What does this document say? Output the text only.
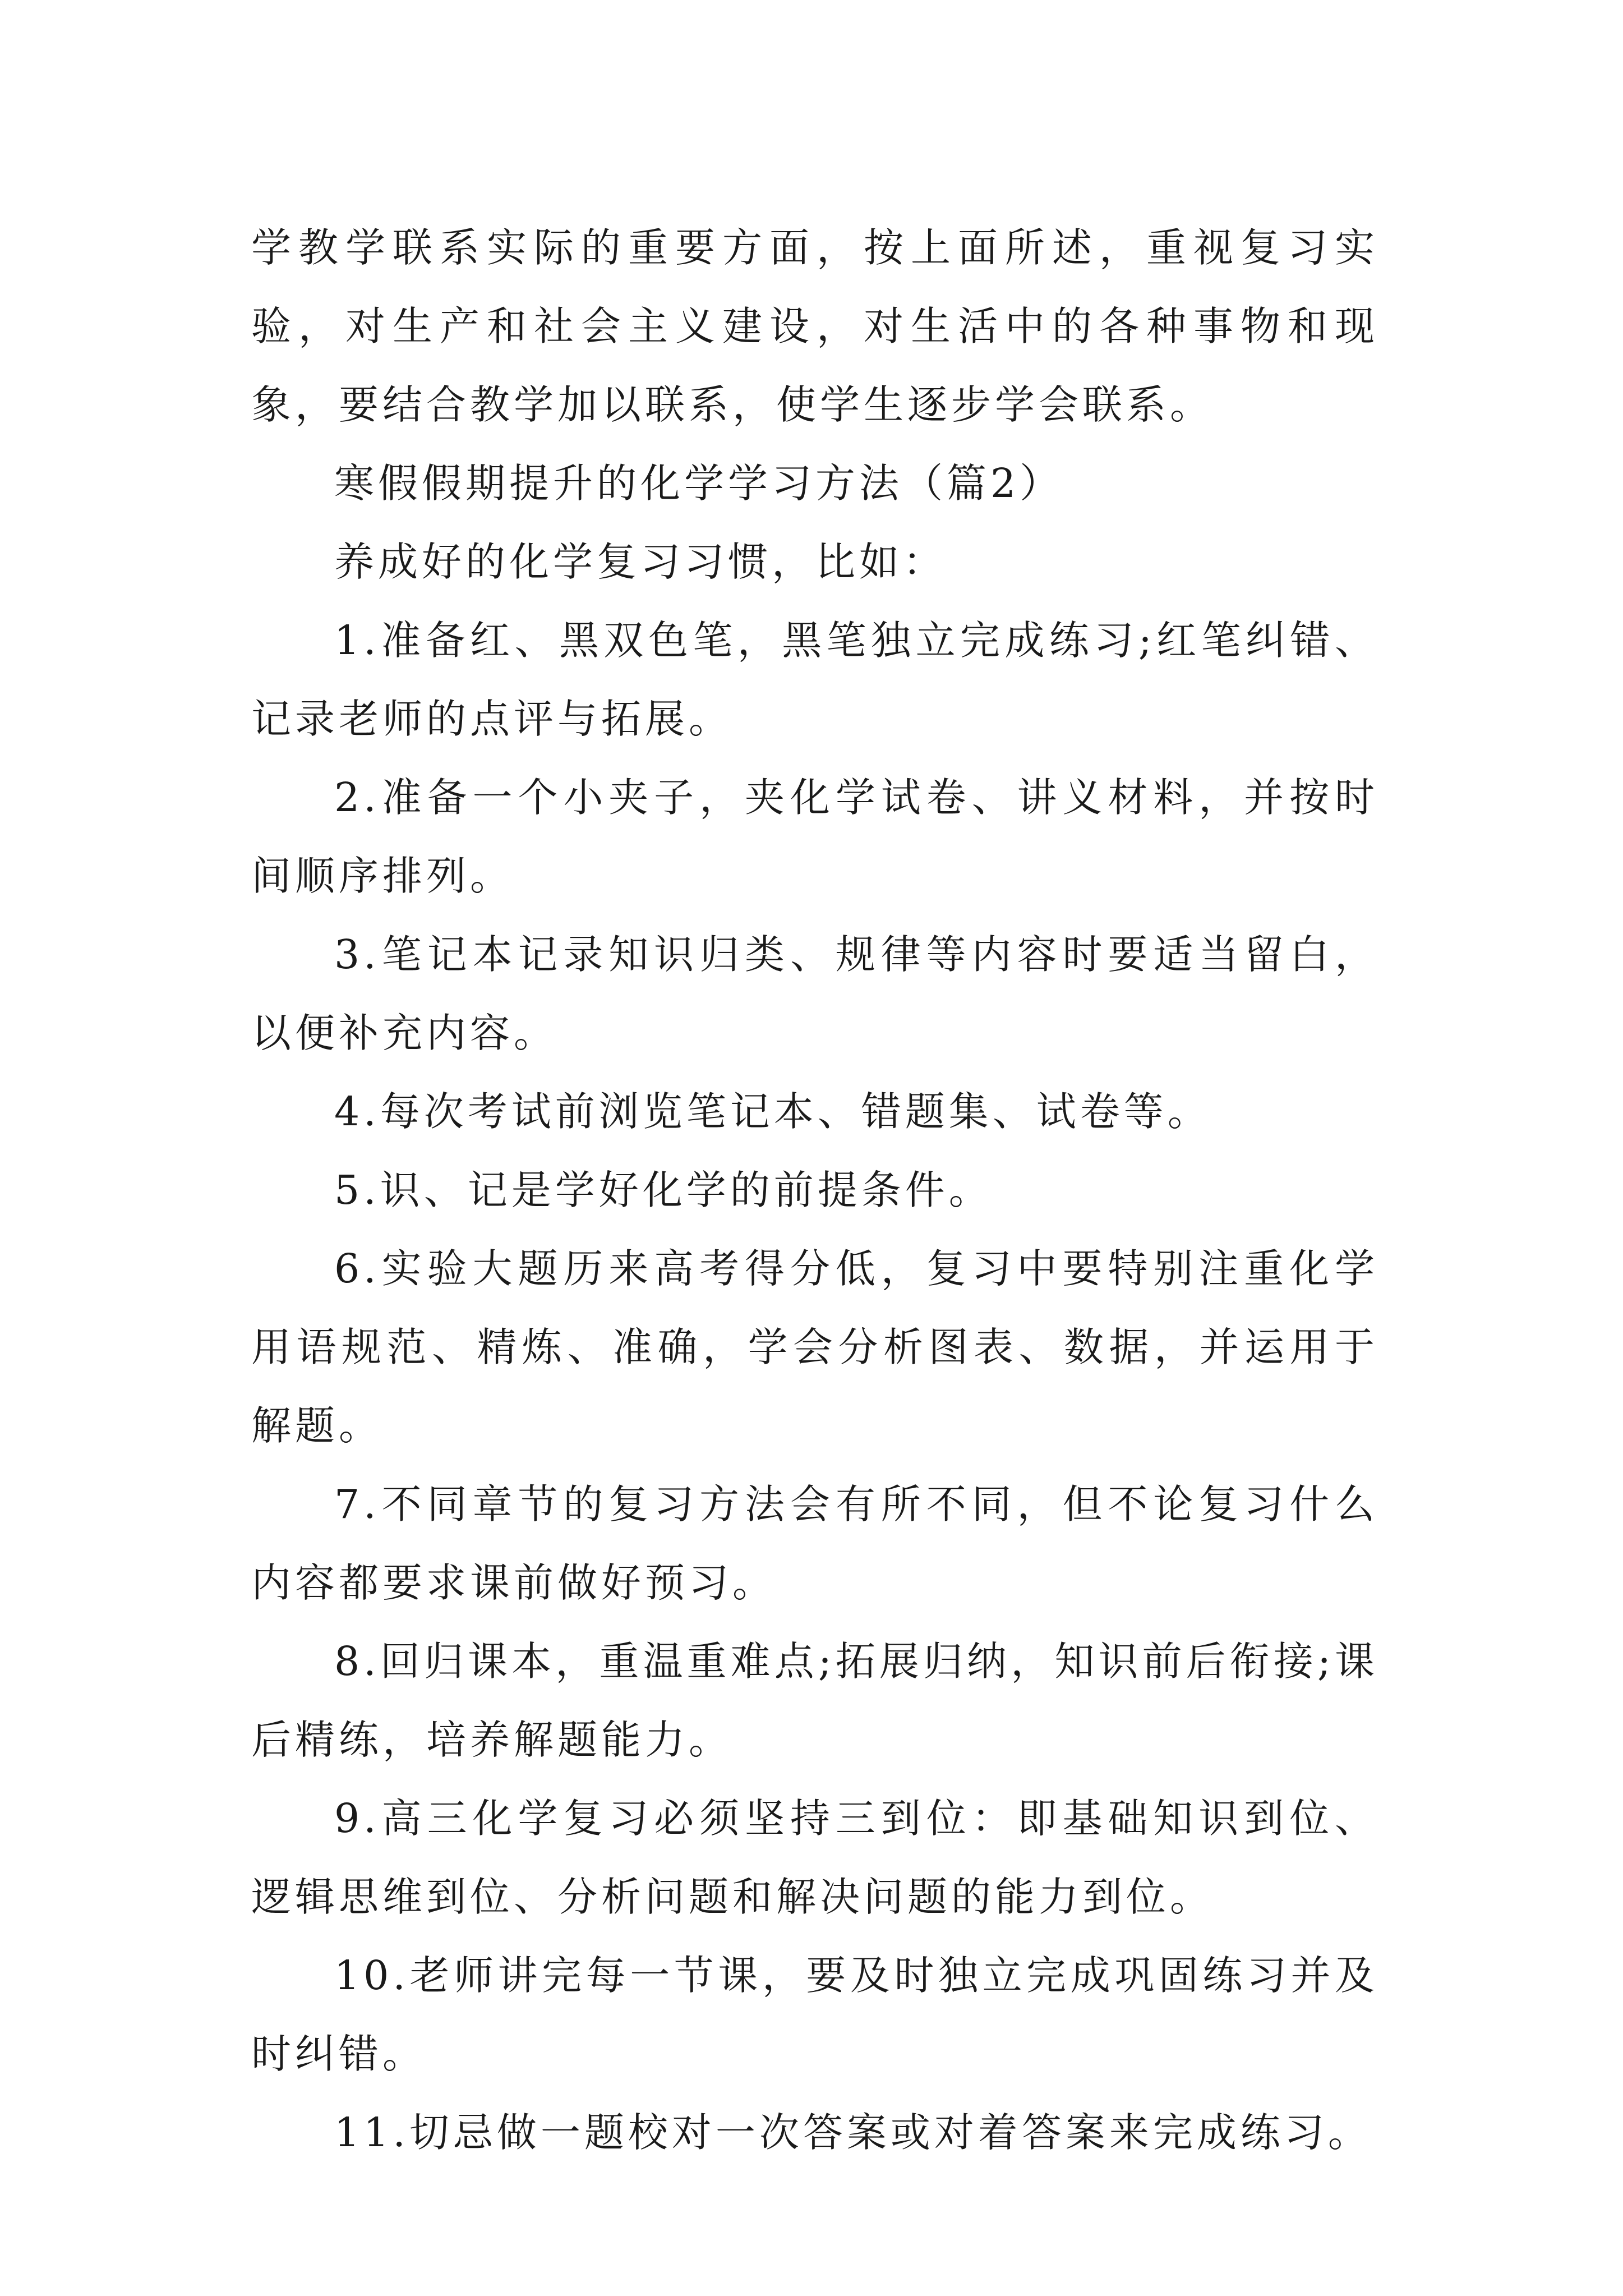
学教学联系实际的重要方面，按上面所述，重视复习实验，对生产和社会主义建设，对生活中的各种事物和现象，要结合教学加以联系，使学生逐步学会联系。

寒假假期提升的化学学习方法（篇2）

养成好的化学复习习惯，比如：

1.准备红、黑双色笔，黑笔独立完成练习;红笔纠错、记录老师的点评与拓展。

2.准备一个小夹子，夹化学试卷、讲义材料，并按时间顺序排列。

3.笔记本记录知识归类、规律等内容时要适当留白，以便补充内容。

4.每次考试前浏览笔记本、错题集、试卷等。

5.识、记是学好化学的前提条件。

6.实验大题历来高考得分低，复习中要特别注重化学用语规范、精炼、准确，学会分析图表、数据，并运用于解题。

7.不同章节的复习方法会有所不同，但不论复习什么内容都要求课前做好预习。

8.回归课本，重温重难点;拓展归纳，知识前后衔接;课后精练，培养解题能力。

9.高三化学复习必须坚持三到位：即基础知识到位、逻辑思维到位、分析问题和解决问题的能力到位。

10.老师讲完每一节课，要及时独立完成巩固练习并及时纠错。

11.切忌做一题校对一次答案或对着答案来完成练习。
